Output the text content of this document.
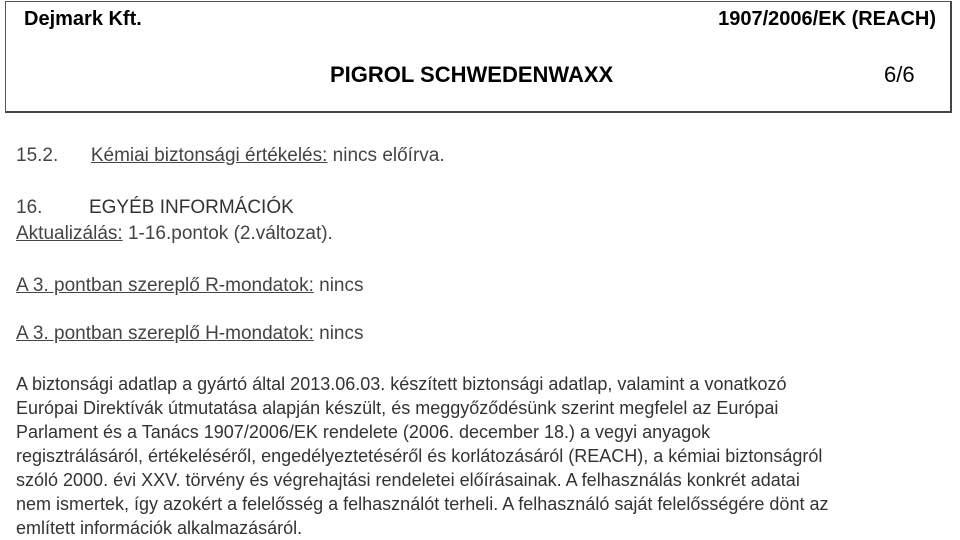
Dejmark Kft.	1907/2006/EK (REACH)
PIGROL SCHWEDENWAXX	6/6
15.2. Kémiai biztonsági értékelés: nincs előírva.
16. EGYÉB INFORMÁCIÓK
Aktualizálás: 1-16.pontok (2.változat).
A 3. pontban szereplő R-mondatok: nincs
A 3. pontban szereplő H-mondatok: nincs
A biztonsági adatlap a gyártó által 2013.06.03. készített biztonsági adatlap, valamint a vonatkozó
Európai Direktívák útmutatása alapján készült, és meggyőződésünk szerint megfelel az Európai
Parlament és a Tanács 1907/2006/EK rendelete (2006. december 18.) a vegyi anyagok
regisztrálásáról, értékeléséről, engedélyeztetéséről és korlátozásáról (REACH), a kémiai biztonságról
szóló 2000. évi XXV. törvény és végrehajtási rendeletei előírásainak. A felhasználás konkrét adatai
nem ismertek, így azokért a felelősség a felhasználót terheli. A felhasználó saját felelősségére dönt az
említett információk alkalmazásáról.
